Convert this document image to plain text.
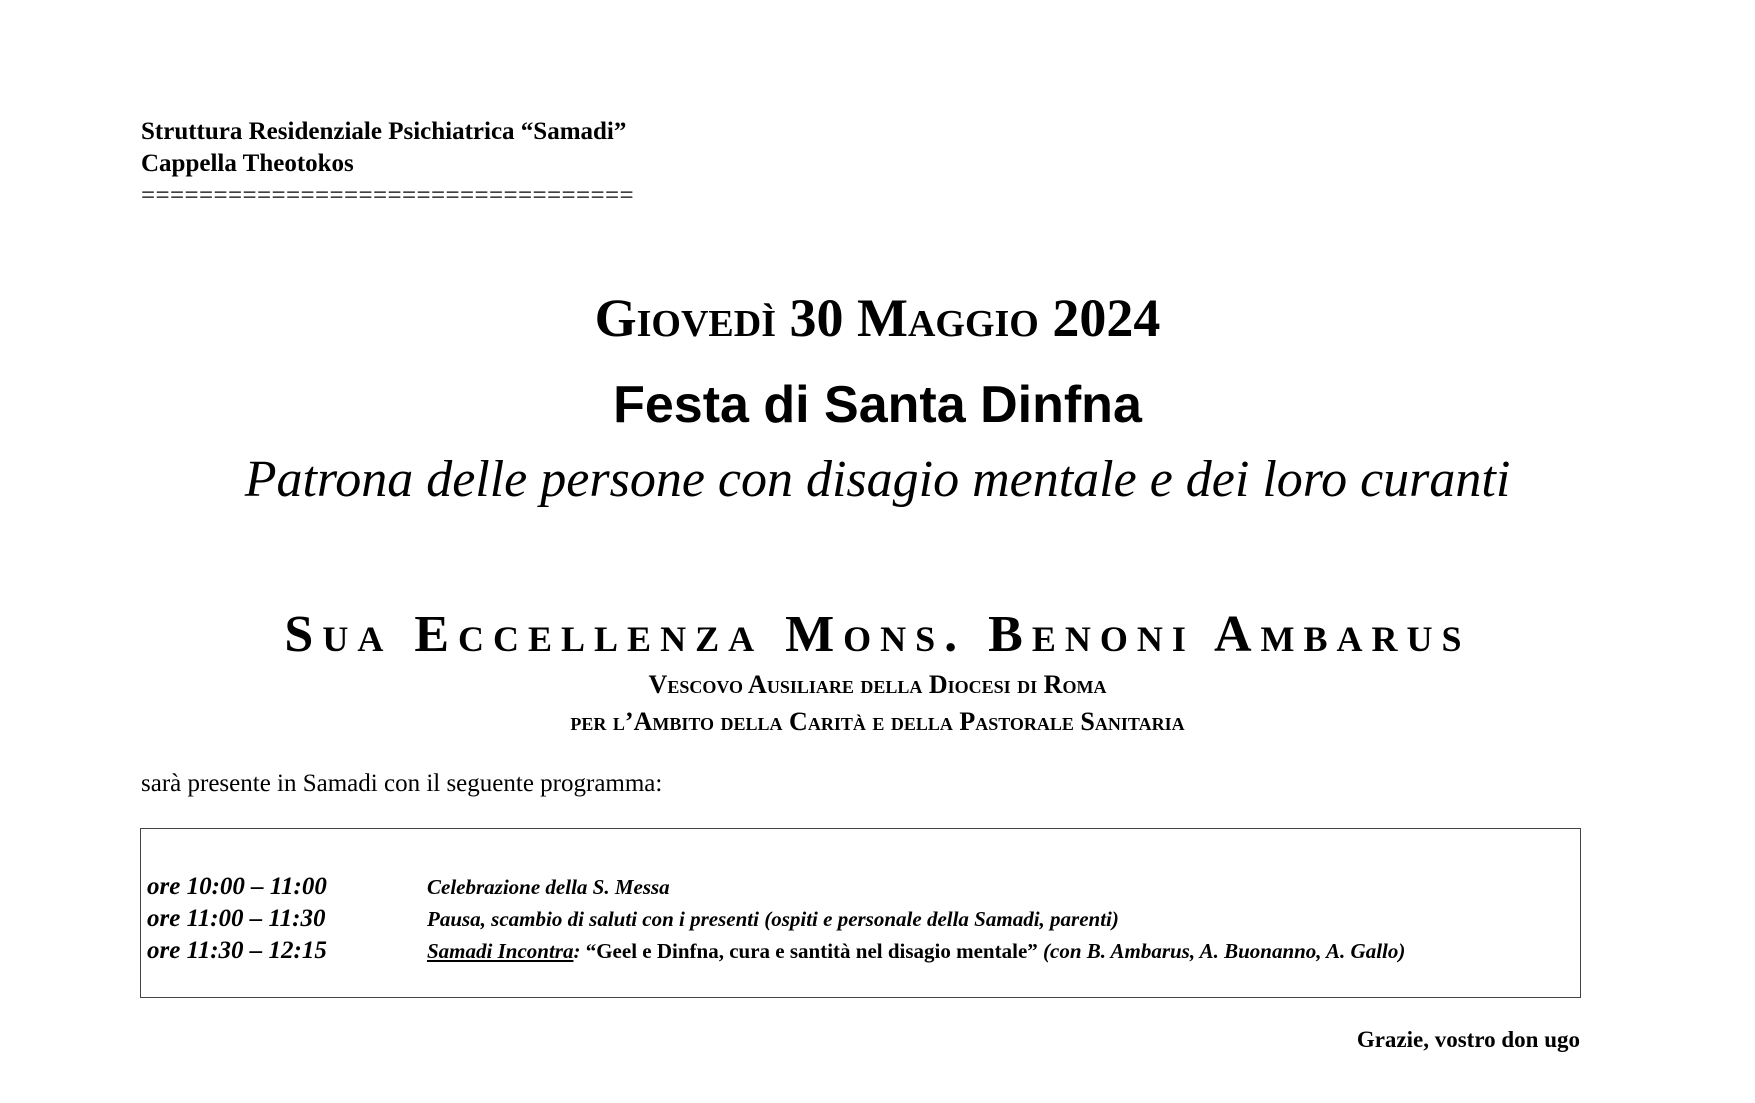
Struttura Residenziale Psichiatrica “Samadi”
Cappella Theotokos
==================================
Giovedì 30 Maggio 2024
Festa di Santa Dinfna
Patrona delle persone con disagio mentale e dei loro curanti
Sua Eccellenza Mons. Benoni Ambarus
Vescovo Ausiliare della Diocesi di Roma
per l’Ambito della Carità e della Pastorale Sanitaria
sarà presente in Samadi con il seguente programma:
ore 10:00 – 11:00	Celebrazione della S. Messa
ore 11:00 – 11:30	Pausa, scambio di saluti con i presenti (ospiti e personale della Samadi, parenti)
ore 11:30 – 12:15	Samadi Incontra: “Geel e Dinfna, cura e santità nel disagio mentale” (con B. Ambarus, A. Buonanno, A. Gallo)
Grazie, vostro don ugo
